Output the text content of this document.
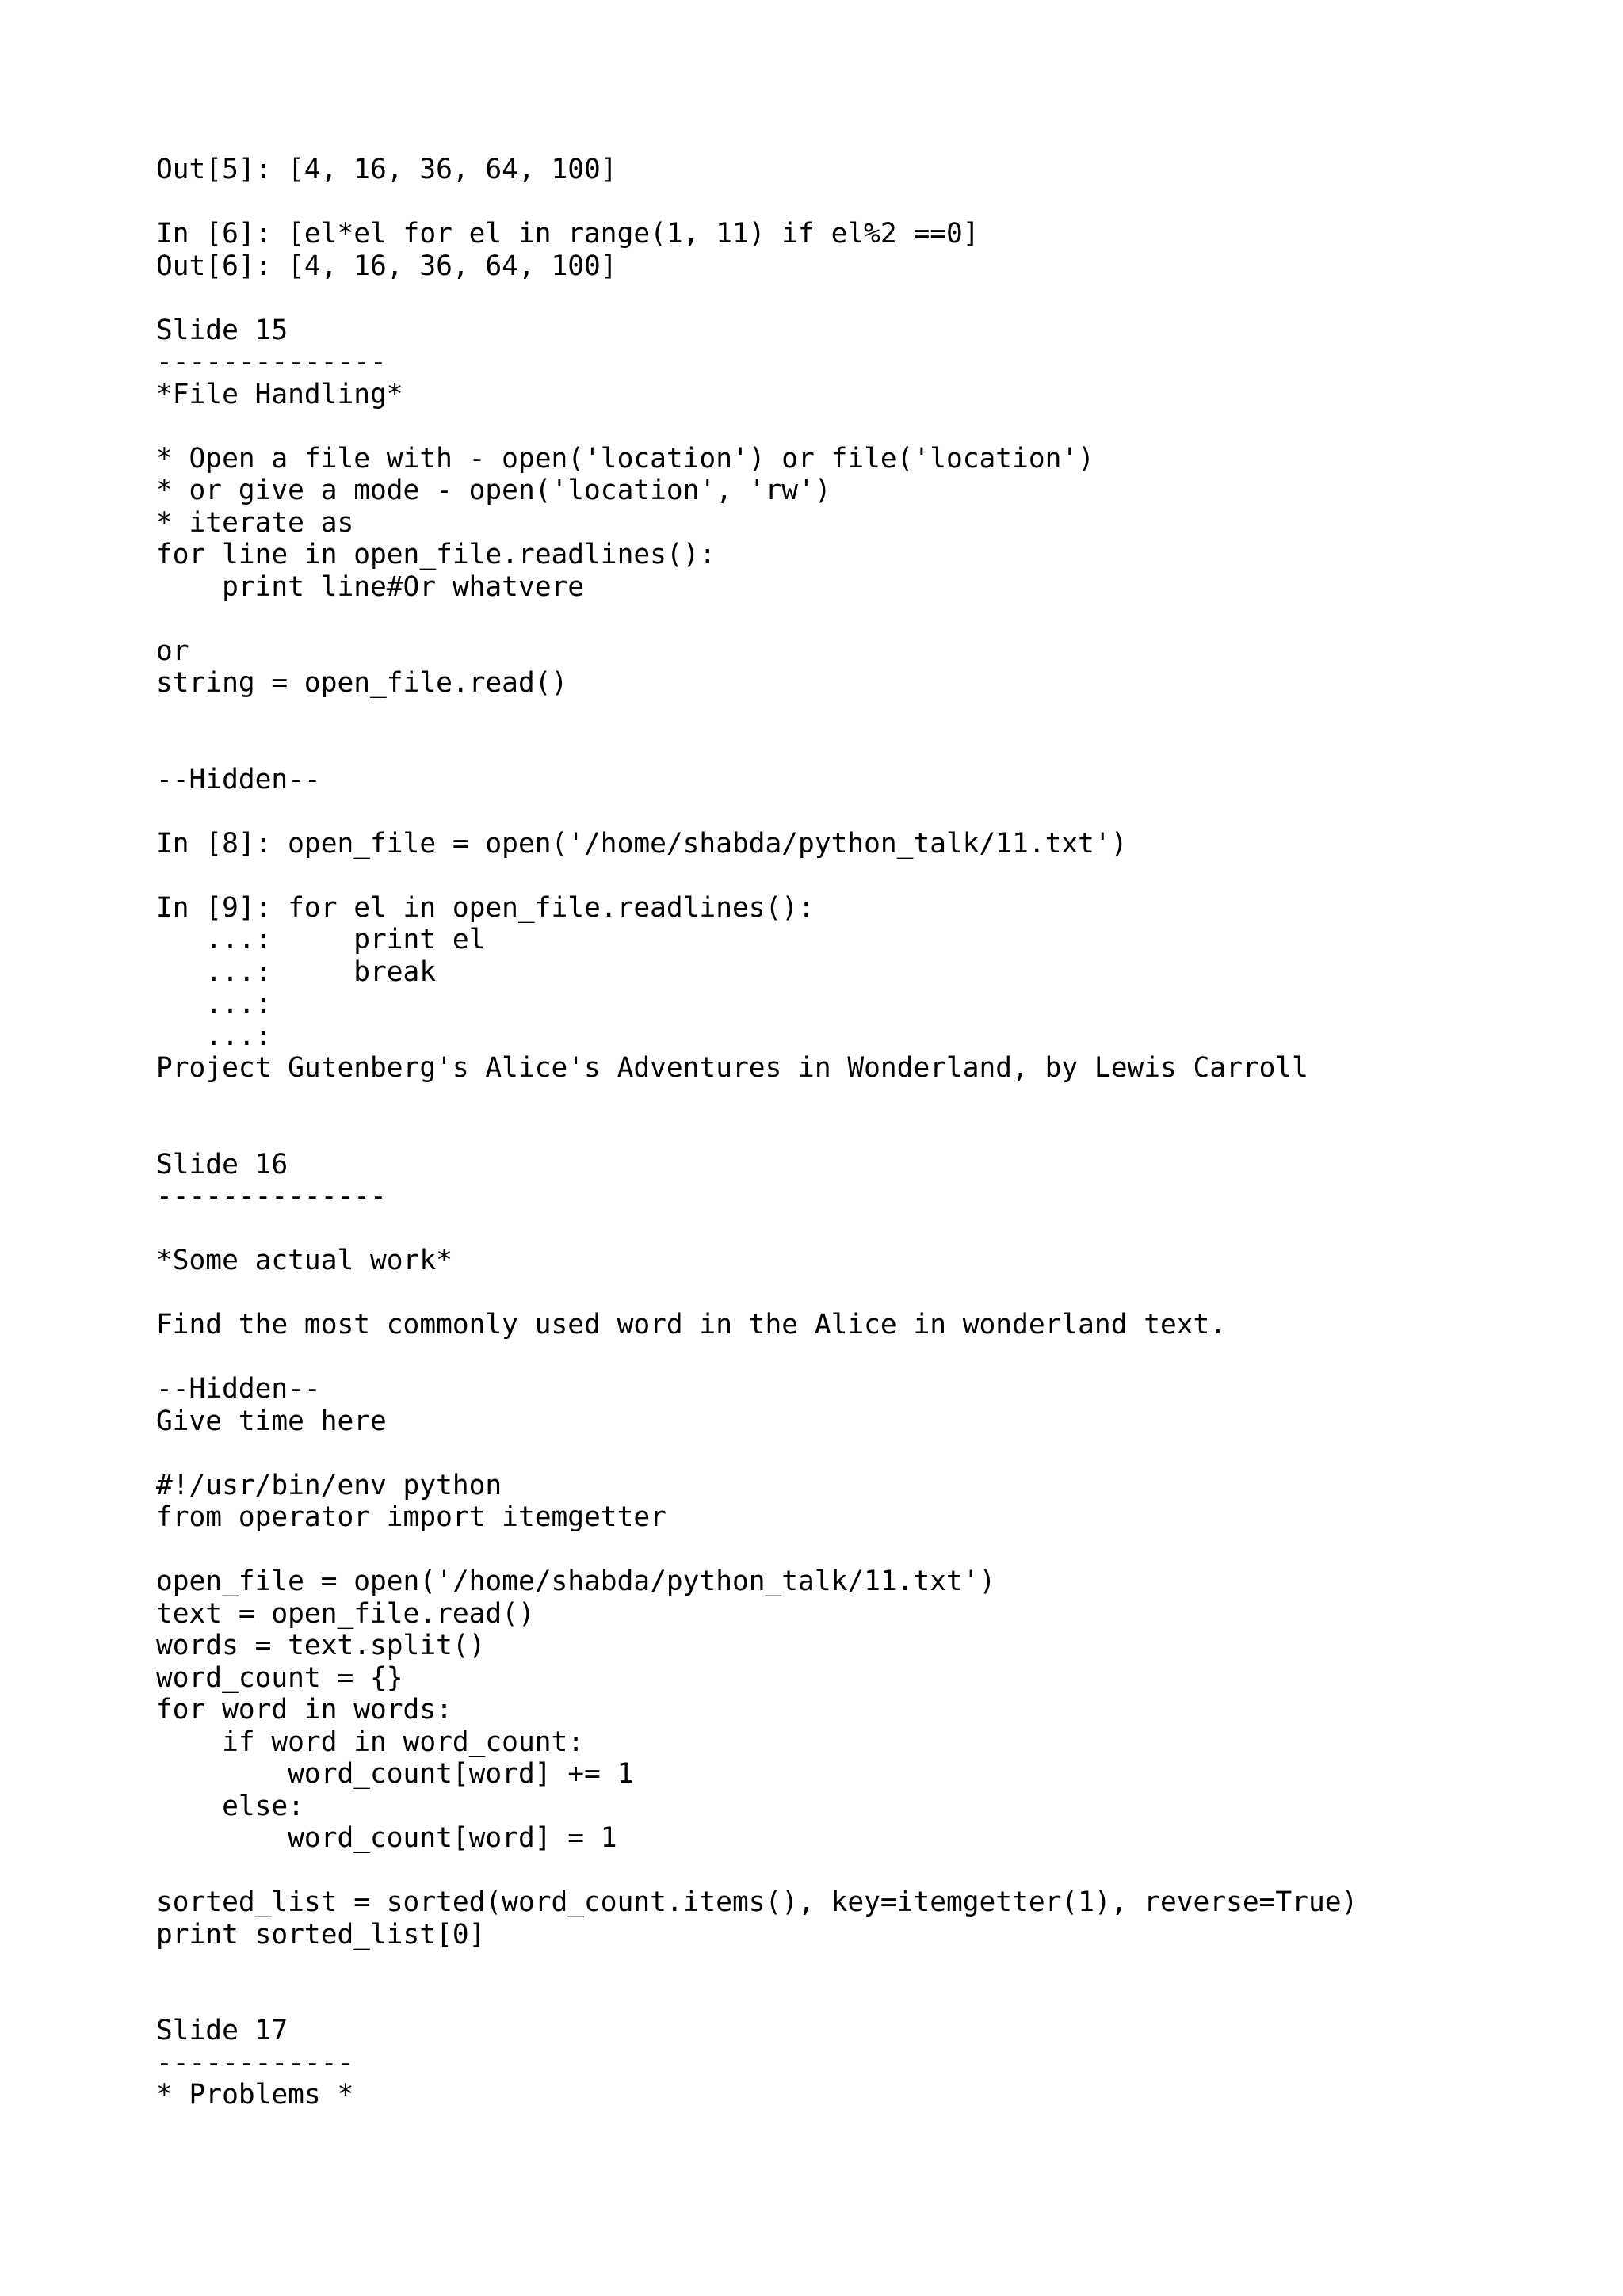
Out[5]: [4, 16, 36, 64, 100]
In [6]: [el*el for el in range(1, 11) if el%2 ==0]
Out[6]: [4, 16, 36, 64, 100]
Slide 15
--------------
*File Handling*
* Open a file with - open('location') or file('location')
* or give a mode - open('location', 'rw')
* iterate as
for line in open_file.readlines():
print line#Or whatvere
or
string = open_file.read()
--Hidden--
In [8]: open_file = open('/home/shabda/python_talk/11.txt')
In [9]: for el in open_file.readlines():
...:     print el
...:     break
...:
...:
Project Gutenberg's Alice's Adventures in Wonderland, by Lewis Carroll
Slide 16
--------------
*Some actual work*
Find the most commonly used word in the Alice in wonderland text.
--Hidden--
Give time here
#!/usr/bin/env python
from operator import itemgetter
open_file = open('/home/shabda/python_talk/11.txt')
text = open_file.read()
words = text.split()
word_count = {}
for word in words:
if word in word_count:
word_count[word] += 1
else:
word_count[word] = 1
sorted_list = sorted(word_count.items(), key=itemgetter(1), reverse=True)
print sorted_list[0]
Slide 17
------------
* Problems *
